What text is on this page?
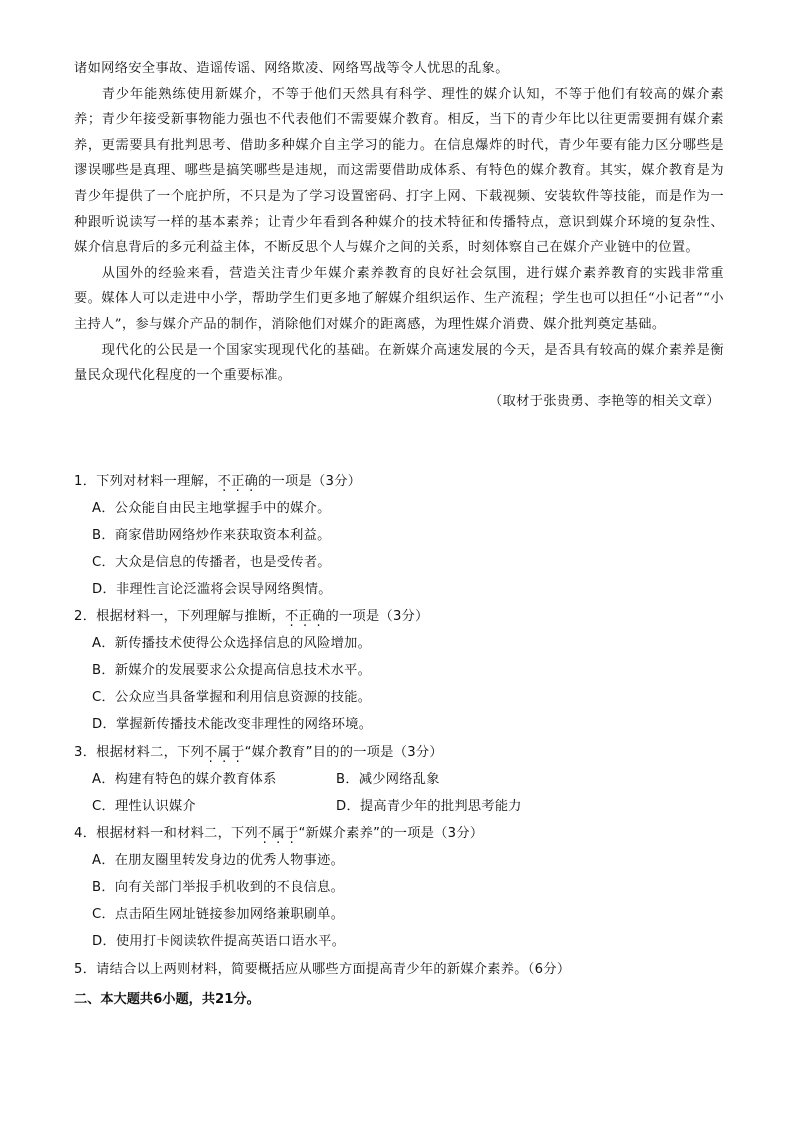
诸如网络安全事故、造谣传谣、网络欺凌、网络骂战等令人忧思的乱象。

青少年能熟练使用新媒介，不等于他们天然具有科学、理性的媒介认知，不等于他们有较高的媒介素养；青少年接受新事物能力强也不代表他们不需要媒介教育。相反，当下的青少年比以往更需要拥有媒介素养，更需要具有批判思考、借助多种媒介自主学习的能力。在信息爆炸的时代，青少年要有能力区分哪些是谬误哪些是真理、哪些是搞笑哪些是违规，而这需要借助成体系、有特色的媒介教育。其实，媒介教育是为青少年提供了一个庇护所，不只是为了学习设置密码、打字上网、下载视频、安装软件等技能，而是作为一种跟听说读写一样的基本素养；让青少年看到各种媒介的技术特征和传播特点，意识到媒介环境的复杂性、媒介信息背后的多元利益主体，不断反思个人与媒介之间的关系，时刻体察自己在媒介产业链中的位置。

从国外的经验来看，营造关注青少年媒介素养教育的良好社会氛围，进行媒介素养教育的实践非常重要。媒体人可以走进中小学，帮助学生们更多地了解媒介组织运作、生产流程；学生也可以担任“小记者”“小主持人”，参与媒介产品的制作，消除他们对媒介的距离感，为理性媒介消费、媒介批判奠定基础。

现代化的公民是一个国家实现现代化的基础。在新媒介高速发展的今天，是否具有较高的媒介素养是衡量民众现代化程度的一个重要标准。

（取材于张贵勇、李艳等的相关文章）

1．下列对材料一理解，不正确的一项是（3分）
A．公众能自由民主地掌握手中的媒介。
B．商家借助网络炒作来获取资本利益。
C．大众是信息的传播者，也是受传者。
D．非理性言论泛滥将会误导网络舆情。
2．根据材料一，下列理解与推断，不正确的一项是（3分）
A．新传播技术使得公众选择信息的风险增加。
B．新媒介的发展要求公众提高信息技术水平。
C．公众应当具备掌握和利用信息资源的技能。
D．掌握新传播技术能改变非理性的网络环境。
3．根据材料二，下列不属于“媒介教育”目的的一项是（3分）
A．构建有特色的媒介教育体系	B．减少网络乱象
C．理性认识媒介	D．提高青少年的批判思考能力
4．根据材料一和材料二，下列不属于“新媒介素养”的一项是（3分）
A．在朋友圈里转发身边的优秀人物事迹。
B．向有关部门举报手机收到的不良信息。
C．点击陌生网址链接参加网络兼职刷单。
D．使用打卡阅读软件提高英语口语水平。
5．请结合以上两则材料，简要概括应从哪些方面提高青少年的新媒介素养。（6分）
二、本大题共6小题，共21分。
